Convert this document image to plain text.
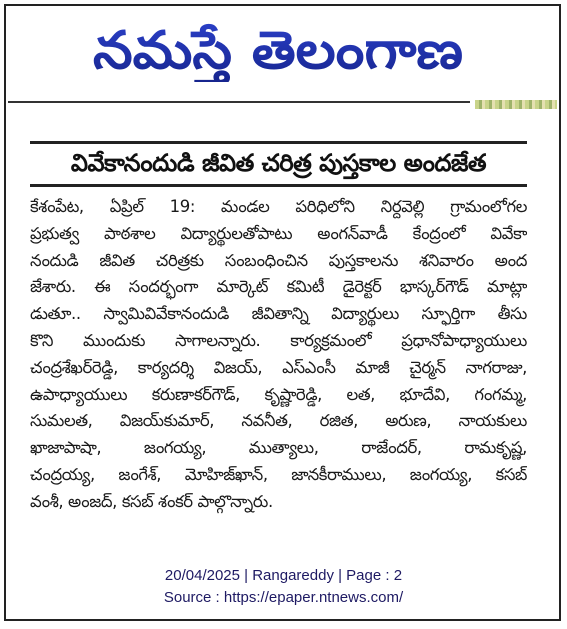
నమస్తే తెలంగాణ
వివేకానందుడి జీవిత చరిత్ర పుస్తకాల అందజేత
కేశంపేట, ఏప్రిల్ 19: మండల పరిధిలోని నిర్దవెల్లి గ్రామంలోగల
ప్రభుత్వ పాఠశాల విద్యార్థులతోపాటు అంగన్‌వాడీ కేంద్రంలో వివేకా
నందుడి జీవిత చరిత్రకు సంబంధించిన పుస్తకాలను శనివారం అంద
జేశారు. ఈ సందర్భంగా మార్కెట్ కమిటీ డైరెక్టర్ భాస్కర్‌గౌడ్ మాట్లా
డుతూ.. స్వామివివేకానందుడి జీవితాన్ని విద్యార్థులు స్ఫూర్తిగా తీసు
కొని ముందుకు సాగాలన్నారు. కార్యక్రమంలో ప్రధానోపాధ్యాయులు
చంద్రశేఖర్‌రెడ్డి, కార్యదర్శి విజయ్, ఎస్ఎంసీ మాజీ చైర్మన్ నాగరాజు,
ఉపాధ్యాయులు కరుణాకర్‌గౌడ్, కృష్ణారెడ్డి, లత, భూదేవి, గంగమ్మ,
సుమలత, విజయ్‌కుమార్, నవనీత, రజిత, అరుణ, నాయకులు
ఖాజాపాషా, జంగయ్య, ముత్యాలు, రాజేందర్, రామకృష్ణ,
చంద్రయ్య, జంగేశ్, మోహిజ్‌ఖాన్, జానకీరాములు, జంగయ్య, కసబ్
వంశీ, అంజద్, కసబ్ శంకర్ పాల్గొన్నారు.
20/04/2025 | Rangareddy | Page : 2
Source : https://epaper.ntnews.com/
